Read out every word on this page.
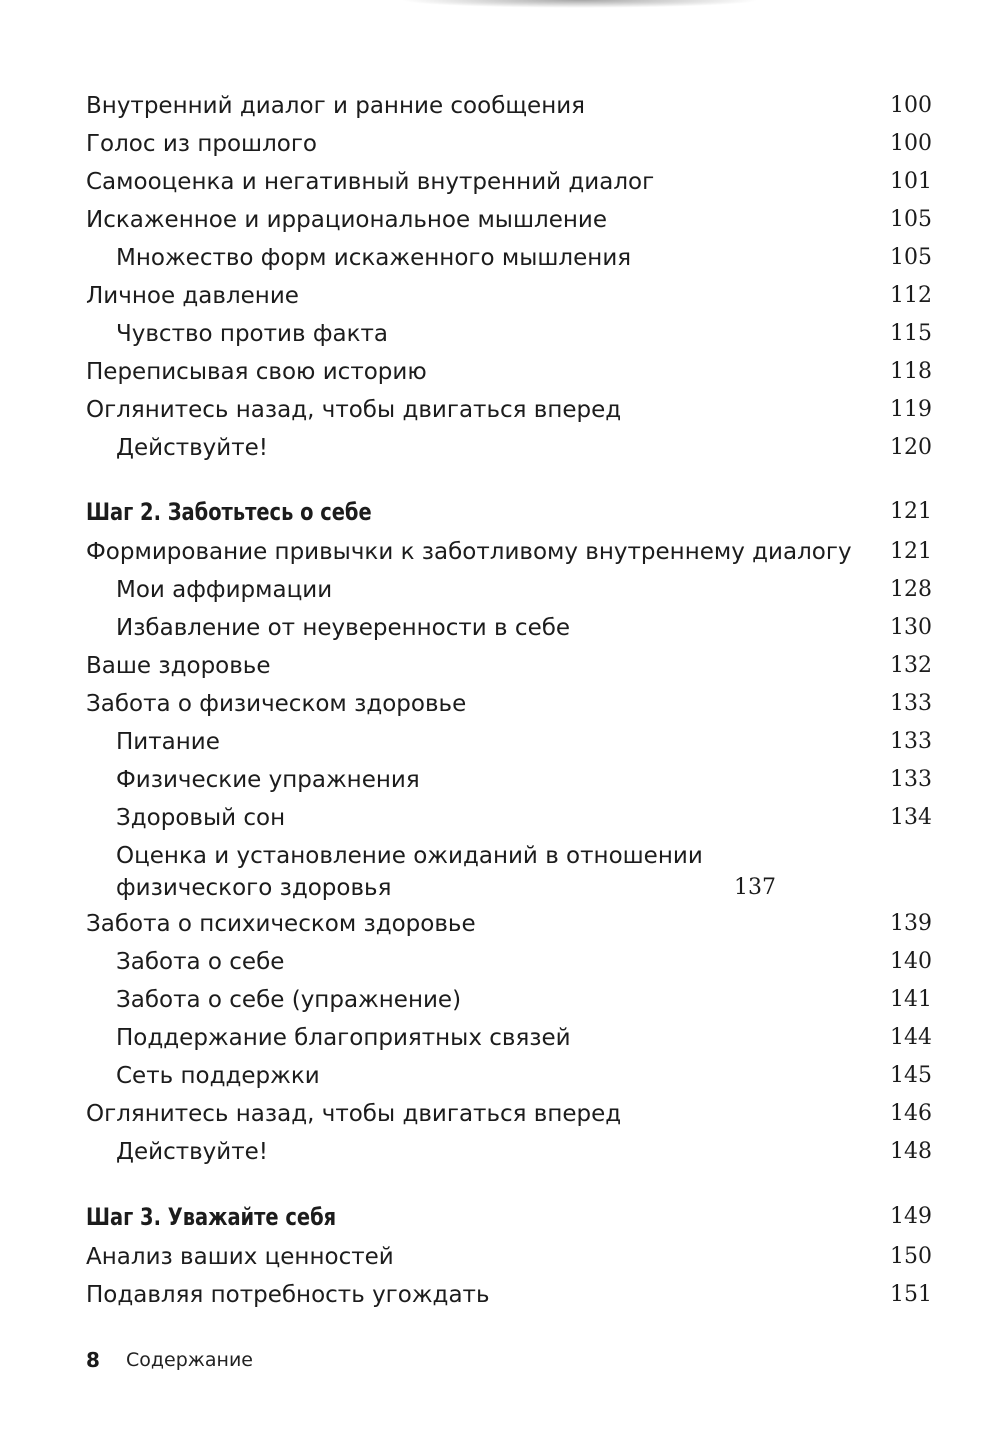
Внутренний диалог и ранние сообщения	100
Голос из прошлого	100
Самооценка и негативный внутренний диалог	101
Искаженное и иррациональное мышление	105
Множество форм искаженного мышления	105
Личное давление	112
Чувство против факта	115
Переписывая свою историю	118
Оглянитесь назад, чтобы двигаться вперед	119
Действуйте!	120
Шаг 2. Заботьтесь о себе	121
Формирование привычки к заботливому внутреннему диалогу	121
Мои аффирмации	128
Избавление от неуверенности в себе	130
Ваше здоровье	132
Забота о физическом здоровье	133
Питание	133
Физические упражнения	133
Здоровый сон	134
Оценка и установление ожиданий в отношении физического здоровья	137
Забота о психическом здоровье	139
Забота о себе	140
Забота о себе (упражнение)	141
Поддержание благоприятных связей	144
Сеть поддержки	145
Оглянитесь назад, чтобы двигаться вперед	146
Действуйте!	148
Шаг 3. Уважайте себя	149
Анализ ваших ценностей	150
Подавляя потребность угождать	151
8	Содержание
